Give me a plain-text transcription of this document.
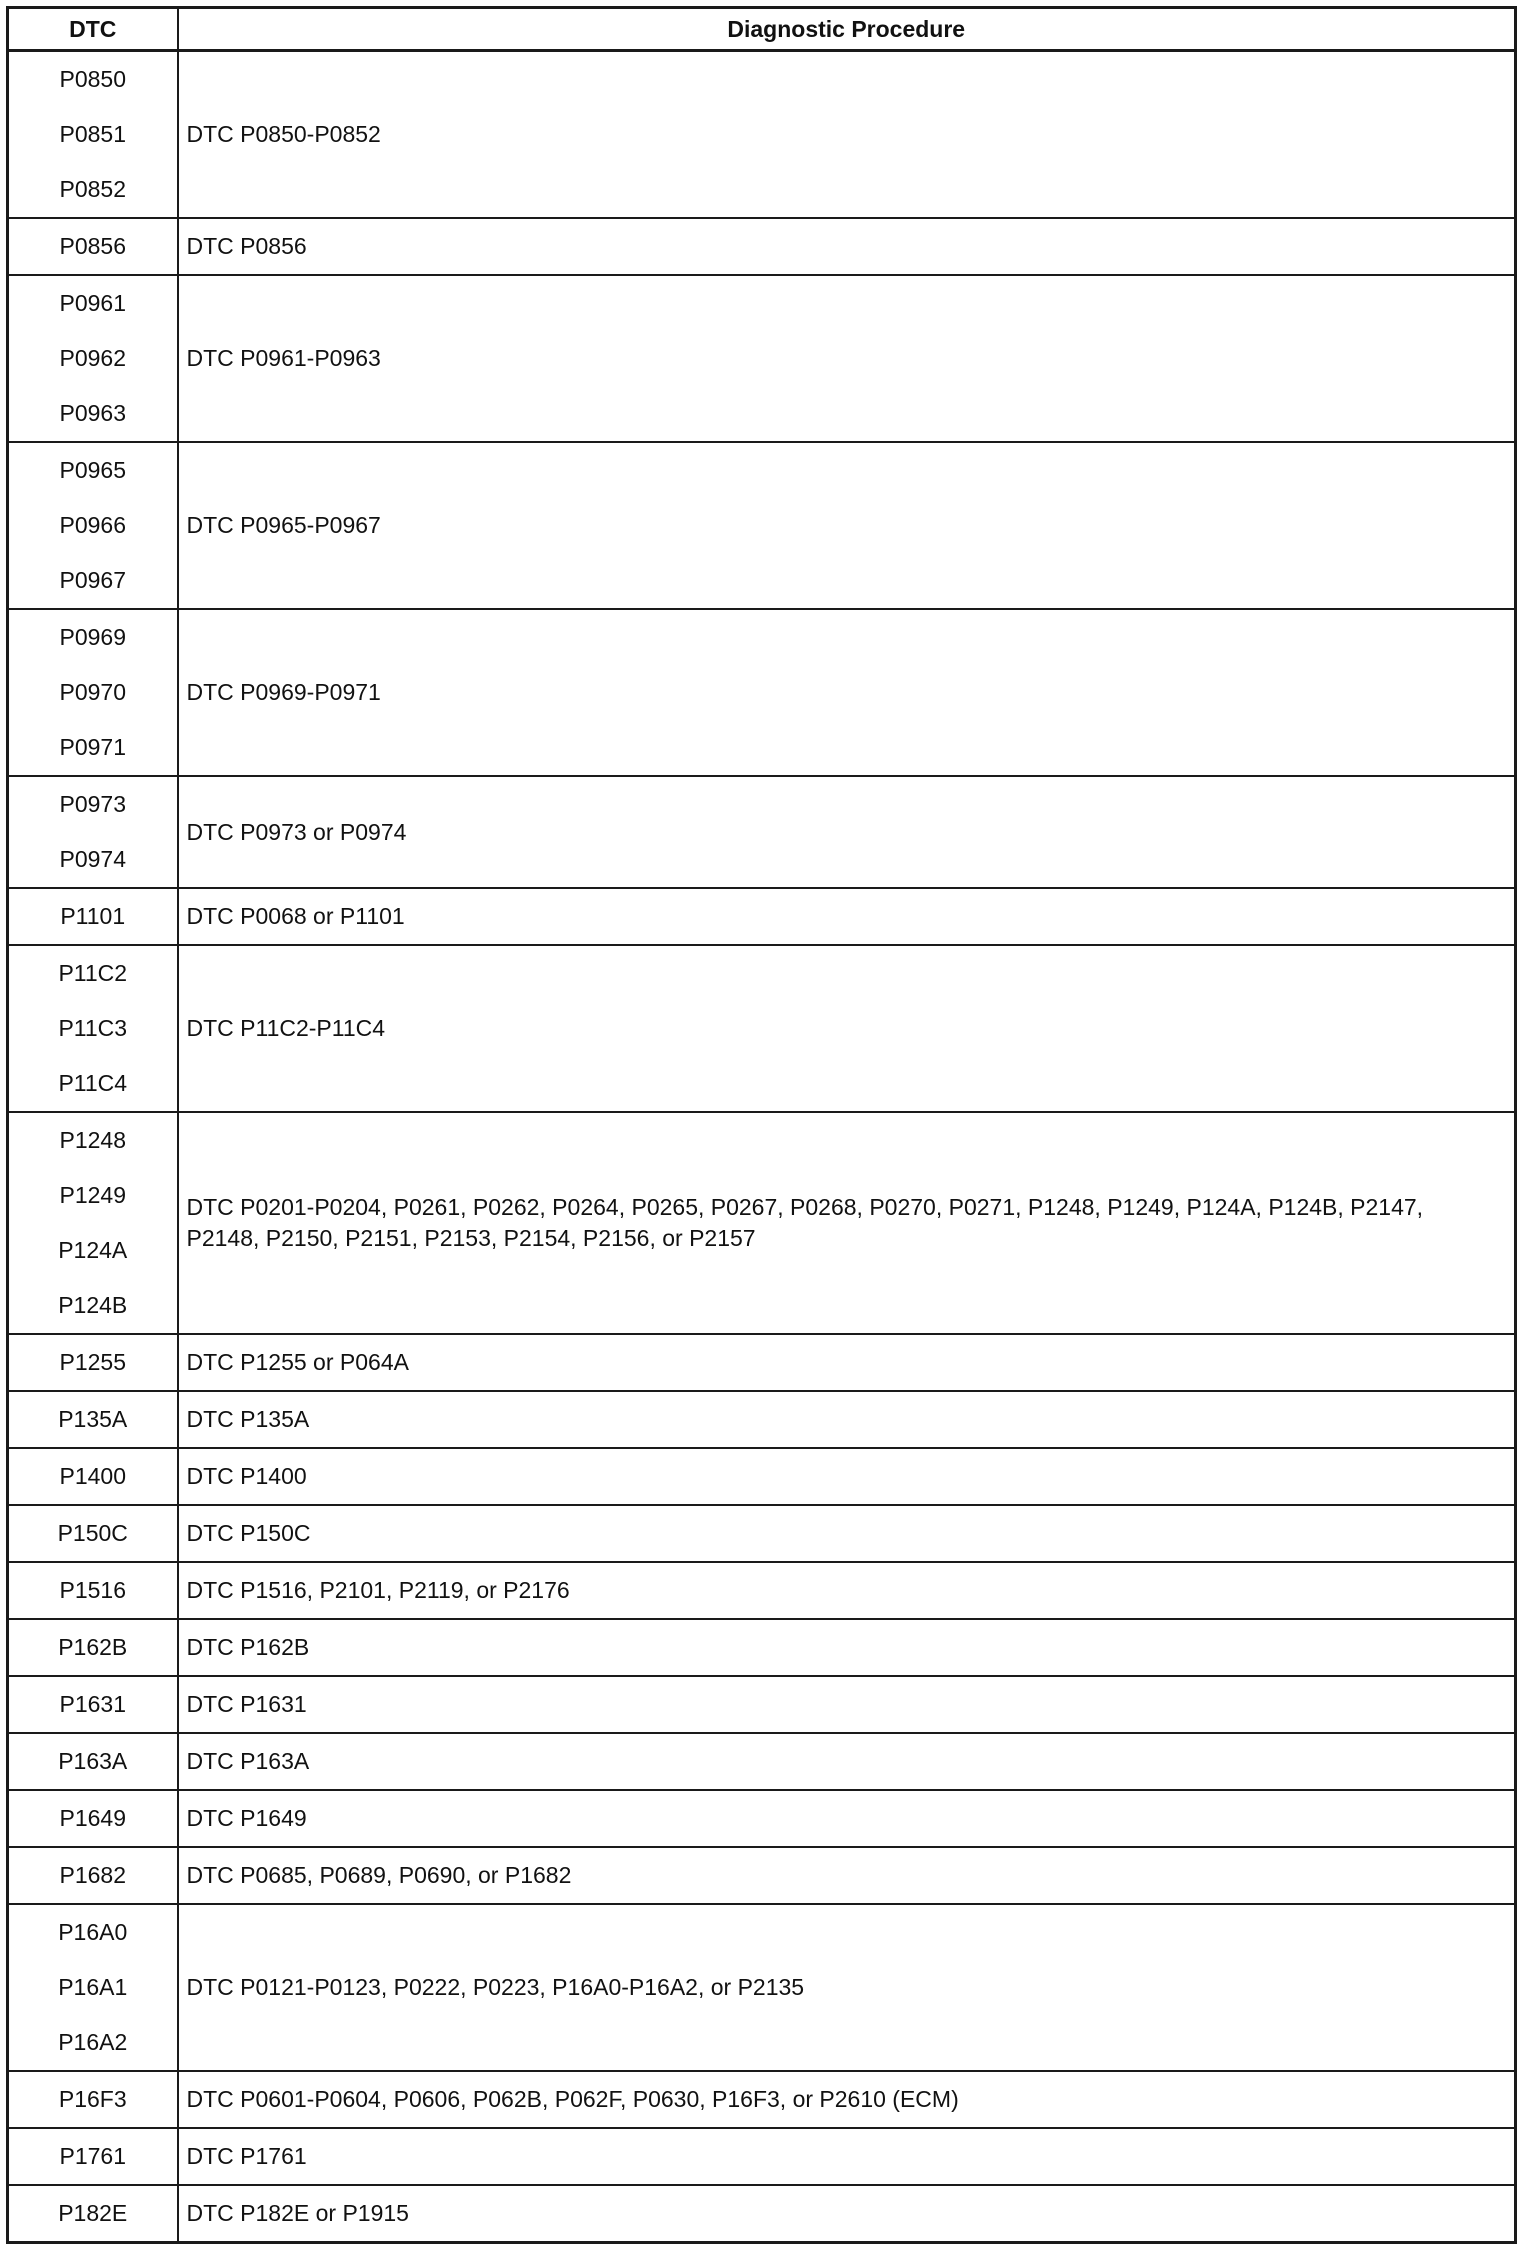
DTC	Diagnostic Procedure

P0850
P0851
P0852	DTC P0850-P0852

P0856	DTC P0856

P0961
P0962
P0963	DTC P0961-P0963

P0965
P0966
P0967	DTC P0965-P0967

P0969
P0970
P0971	DTC P0969-P0971

P0973
P0974	DTC P0973 or P0974

P1101	DTC P0068 or P1101

P11C2
P11C3
P11C4	DTC P11C2-P11C4

P1248
P1249
P124A
P124B	DTC P0201-P0204, P0261, P0262, P0264, P0265, P0267, P0268, P0270, P0271, P1248, P1249, P124A, P124B, P2147, P2148, P2150, P2151, P2153, P2154, P2156, or P2157

P1255	DTC P1255 or P064A

P135A	DTC P135A

P1400	DTC P1400

P150C	DTC P150C

P1516	DTC P1516, P2101, P2119, or P2176

P162B	DTC P162B

P1631	DTC P1631

P163A	DTC P163A

P1649	DTC P1649

P1682	DTC P0685, P0689, P0690, or P1682

P16A0
P16A1
P16A2	DTC P0121-P0123, P0222, P0223, P16A0-P16A2, or P2135

P16F3	DTC P0601-P0604, P0606, P062B, P062F, P0630, P16F3, or P2610 (ECM)

P1761	DTC P1761

P182E	DTC P182E or P1915
